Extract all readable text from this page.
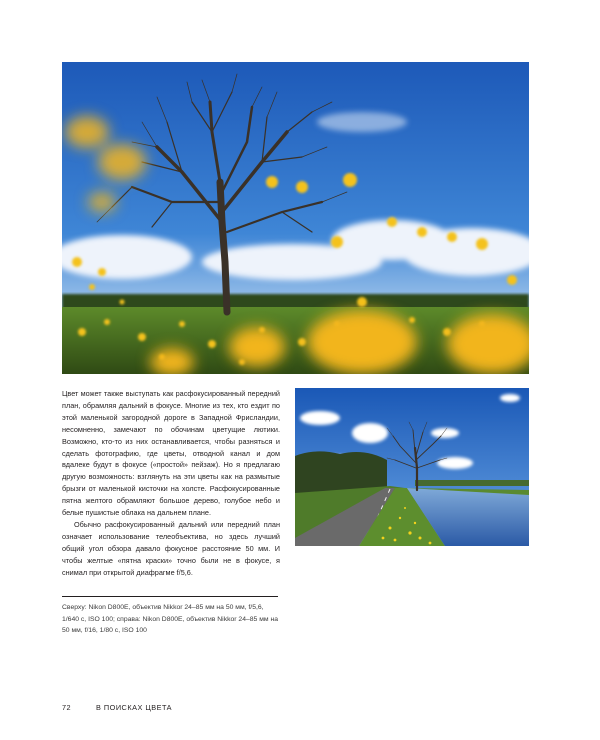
Цвет может также выступать как расфокусированный передний план, обрамляя дальний в фокусе. Многие из тех, кто ездит по этой маленькой загородной дороге в Западной Фрисландии, несомненно, замечают по обочинам цветущие лютики. Возможно, кто-то из них останавливается, чтобы разняться и сделать фотографию, где цветы, отводной канал и дом вдалеке будут в фокусе («простой» пейзаж). Но я предлагаю другую возможность: взглянуть на эти цветы как на размытые брызги от маленькой кисточки на холсте. Расфокусированные пятна желтого обрамляют большое дерево, голубое небо и белые пушистые облака на дальнем плане.

Обычно расфокусированный дальний или передний план означает использование телеобъектива, но здесь лучший общий угол обзора давало фокусное расстояние 50 мм. И чтобы желтые «пятна краски» точно были не в фокусе, я снимал при открытой диафрагме f/5,6.

Сверху: Nikon D800E, объектив Nikkor 24–85 мм на 50 мм, f/5,6, 1/640 с, ISO 100; справа: Nikon D800E, объектив Nikkor 24–85 мм на 50 мм, f/16, 1/80 с, ISO 100
72	В ПОИСКАХ ЦВЕТА
